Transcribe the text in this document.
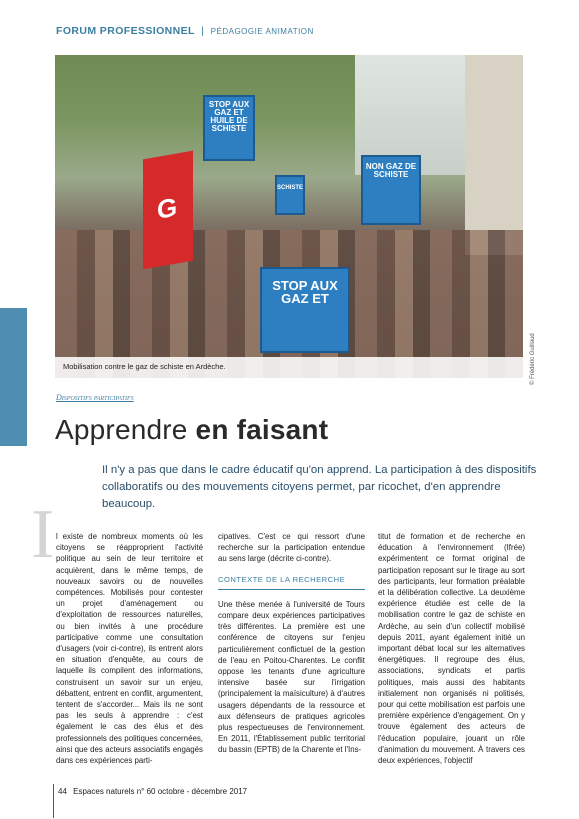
FORUM PROFESSIONNEL | PÉDAGOGIE ANIMATION
G
STOP AUX GAZ ET HUILE DE SCHISTE
SCHISTE
NON GAZ DE SCHISTE
STOP AUX GAZ ET
Mobilisation contre le gaz de schiste en Ardèche.	© Frédéric Guillaud
Dispositifs participatifs
Apprendre en faisant
Il n'y a pas que dans le cadre éducatif qu'on apprend. La participation à des dispositifs collaboratifs ou des mouvements citoyens permet, par ricochet, d'en apprendre beaucoup.
I l existe de nombreux moments où les citoyens se réapproprient l'activité politique au sein de leur territoire et acquièrent, dans le même temps, de nouveaux savoirs ou de nouvelles compétences. Mobilisés pour contester un projet d'aménagement ou d'exploitation de ressources naturelles, ou bien invités à une procédure participative comme une consultation d'usagers (voir ci-contre), ils entrent alors en situation d'enquête, au cours de laquelle ils compilent des informations, construisent un savoir sur un enjeu, débattent, entrent en conflit, argumentent, tentent de s'accorder... Mais ils ne sont pas les seuls à apprendre : c'est également le cas des élus et des professionnels des politiques concernées, ainsi que des acteurs associatifs engagés dans ces expériences parti-

cipatives. C'est ce qui ressort d'une recherche sur la participation entendue au sens large (décrite ci-contre).

CONTEXTE DE LA RECHERCHE

Une thèse menée à l'université de Tours compare deux expériences participatives très différentes. La première est une conférence de citoyens sur l'enjeu particulièrement conflictuel de la gestion de l'eau en Poitou-Charentes. Le conflit oppose les tenants d'une agriculture intensive basée sur l'irrigation (principalement la maïsiculture) à d'autres usagers dépendants de la ressource et aux défenseurs de pratiques agricoles plus respectueuses de l'environnement. En 2011, l'Établissement public territorial du bassin (EPTB) de la Charente et l'Ins-

titut de formation et de recherche en éducation à l'environnement (Ifrée) expérimentent ce format original de participation reposant sur le tirage au sort des participants, leur formation préalable et la délibération collective. La deuxième expérience étudiée est celle de la mobilisation contre le gaz de schiste en Ardèche, au sein d'un collectif mobilisé depuis 2011, ayant également initié un important débat local sur les alternatives énergétiques. Il regroupe des élus, associations, syndicats et partis politiques, mais aussi des habitants initialement non organisés ni politisés, pour qui cette mobilisation est parfois une première expérience d'engagement. On y trouve également des acteurs de l'éducation populaire, jouant un rôle d'animation du mouvement. À travers ces deux expériences, l'objectif

44 Espaces naturels n° 60 octobre - décembre 2017
